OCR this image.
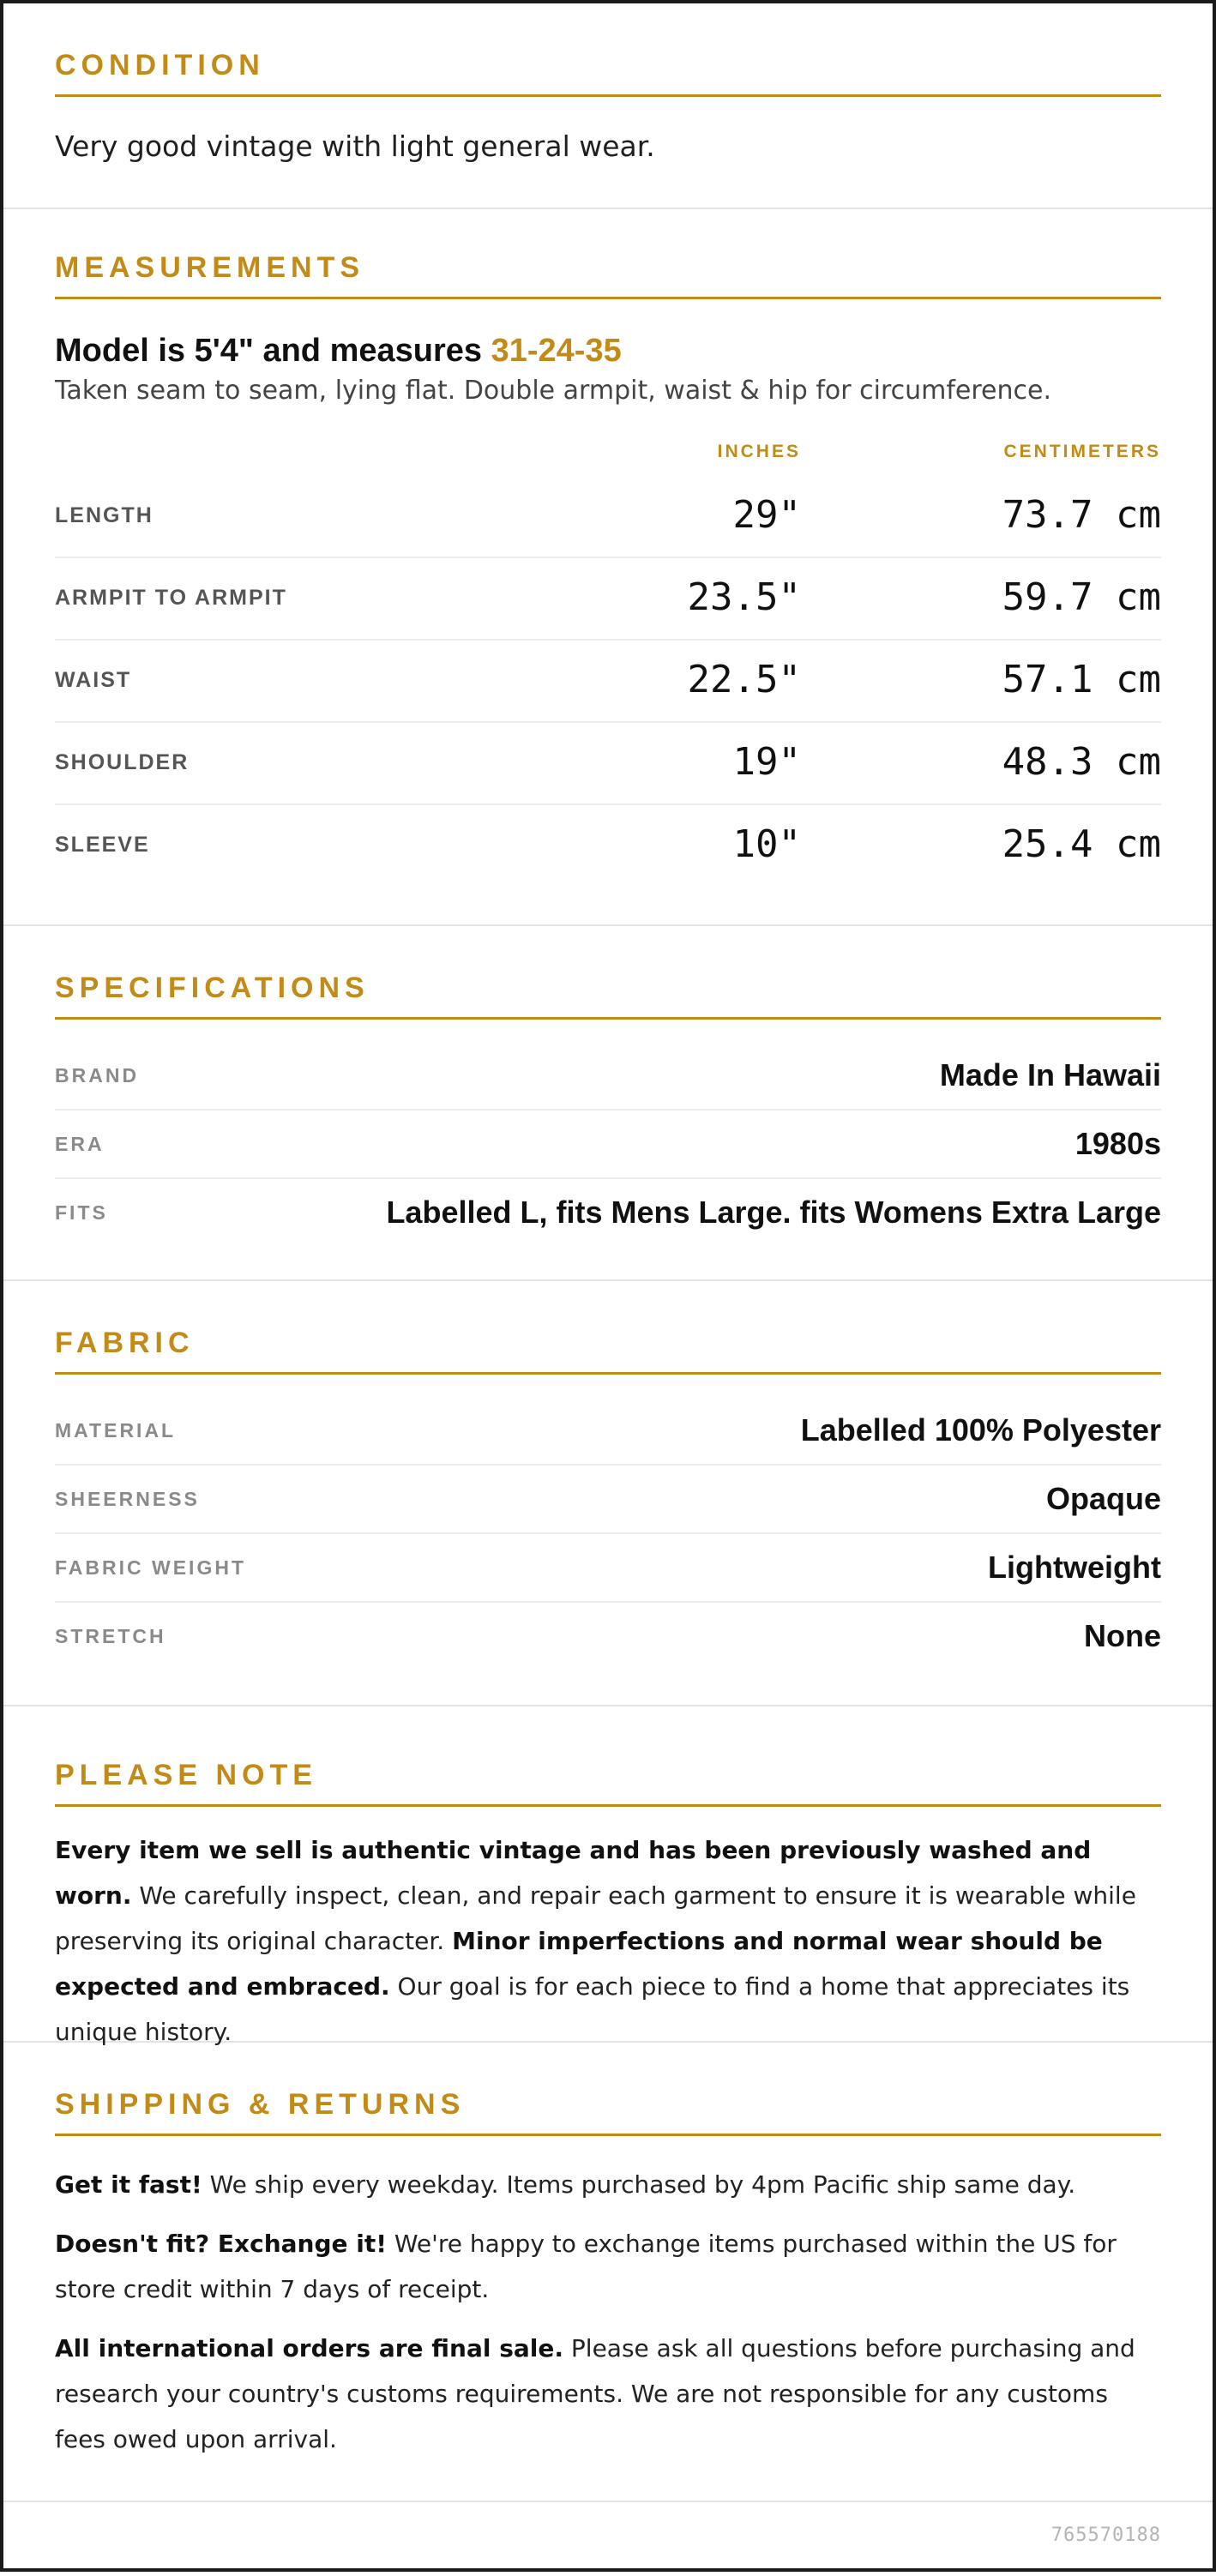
CONDITION
Very good vintage with light general wear.
MEASUREMENTS
Model is 5'4" and measures 31-24-35
Taken seam to seam, lying flat. Double armpit, waist & hip for circumference.
INCHES	CENTIMETERS
LENGTH	29"	73.7 cm
ARMPIT TO ARMPIT	23.5"	59.7 cm
WAIST	22.5"	57.1 cm
SHOULDER	19"	48.3 cm
SLEEVE	10"	25.4 cm
SPECIFICATIONS
BRAND	Made In Hawaii
ERA	1980s
FITS	Labelled L, fits Mens Large. fits Womens Extra Large
FABRIC
MATERIAL	Labelled 100% Polyester
SHEERNESS	Opaque
FABRIC WEIGHT	Lightweight
STRETCH	None
PLEASE NOTE

Every item we sell is authentic vintage and has been previously washed and worn. We carefully inspect, clean, and repair each garment to ensure it is wearable while preserving its original character. Minor imperfections and normal wear should be expected and embraced. Our goal is for each piece to find a home that appreciates its unique history.

SHIPPING & RETURNS

Get it fast! We ship every weekday. Items purchased by 4pm Pacific ship same day.

Doesn't fit? Exchange it! We're happy to exchange items purchased within the US for store credit within 7 days of receipt.

All international orders are final sale. Please ask all questions before purchasing and research your country's customs requirements. We are not responsible for any customs fees owed upon arrival.

765570188
